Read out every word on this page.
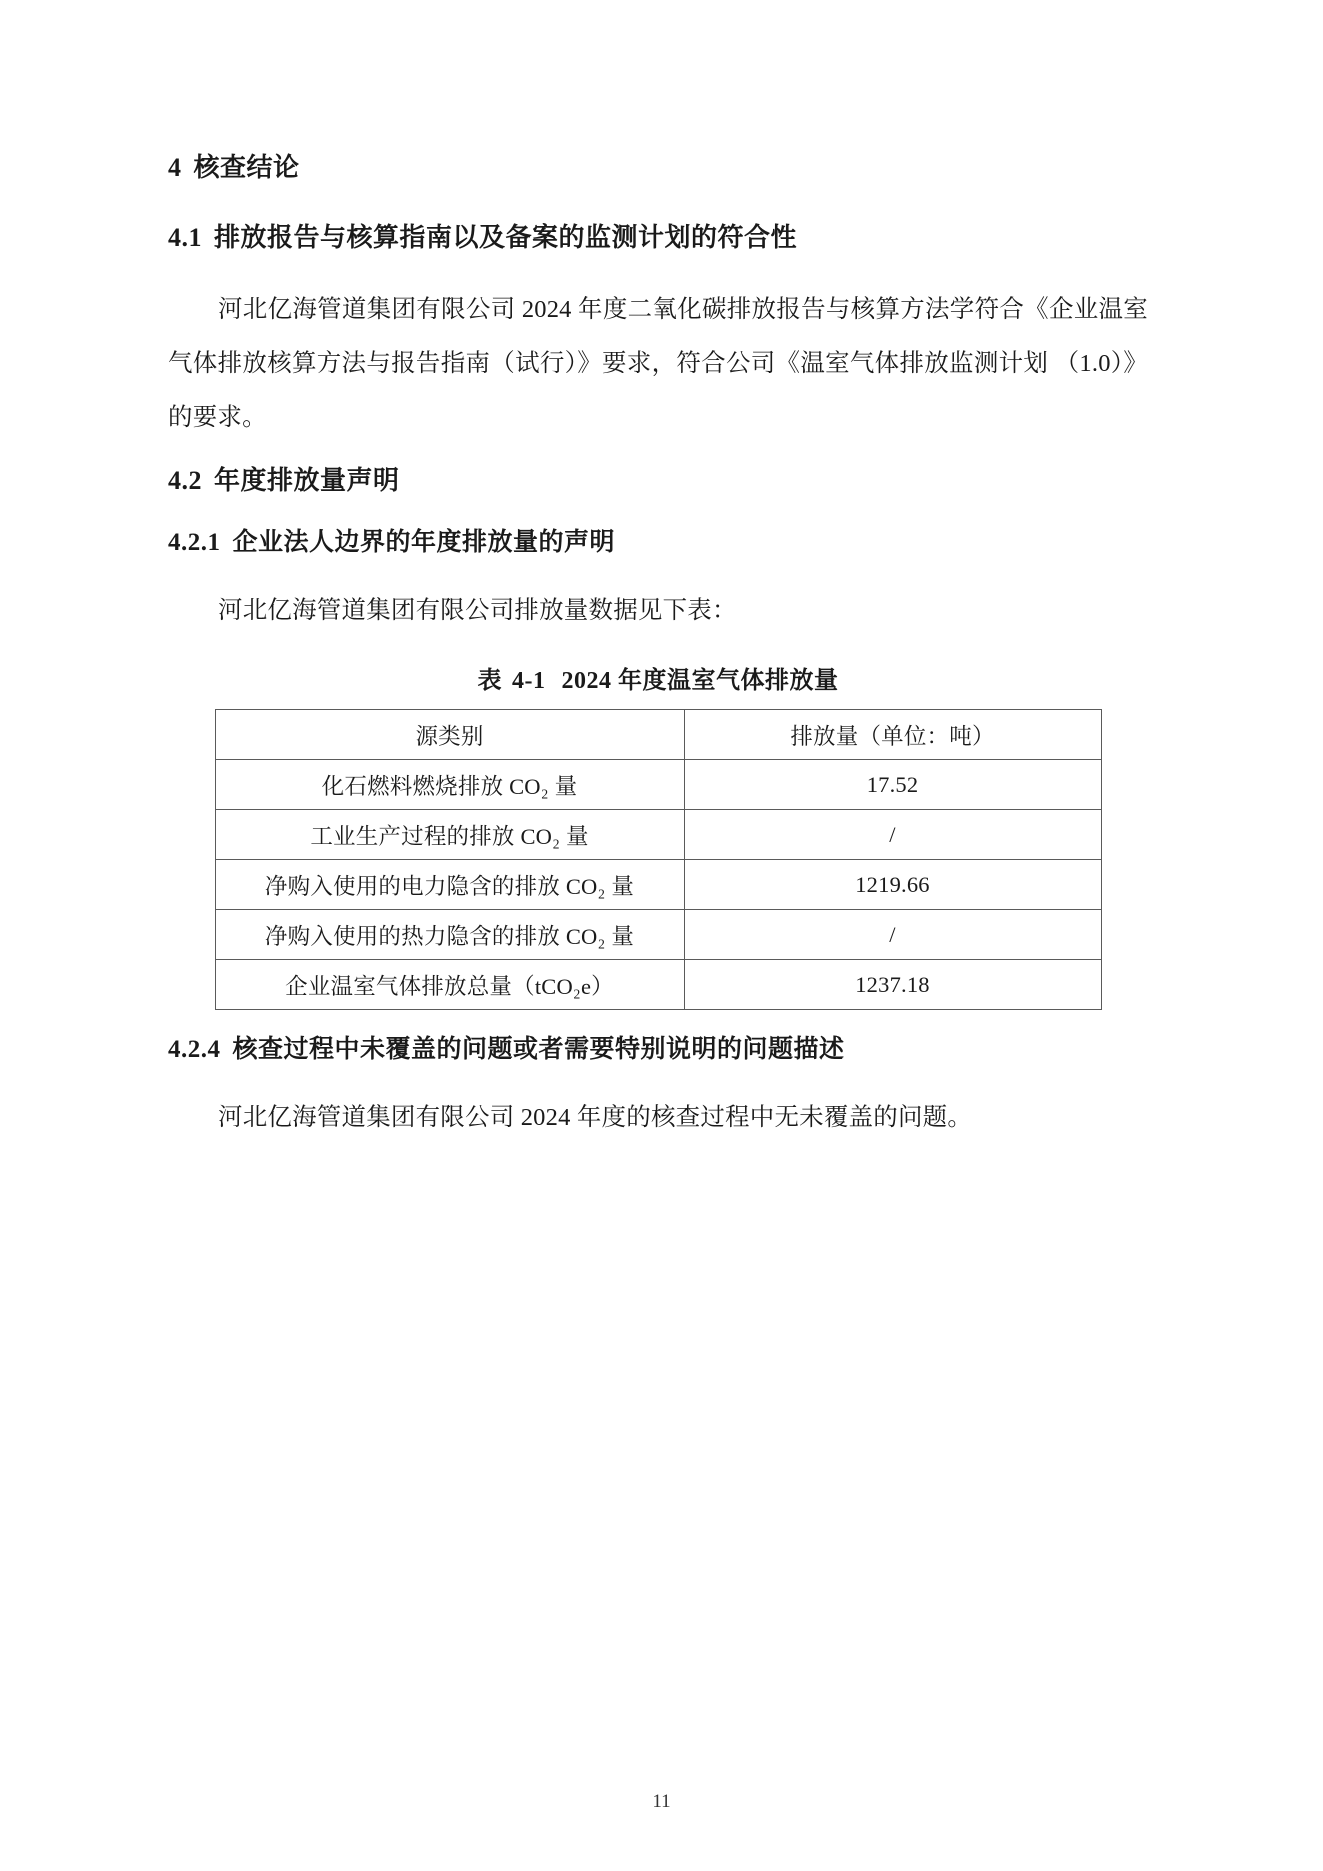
4 核查结论
4.1 排放报告与核算指南以及备案的监测计划的符合性

河北亿海管道集团有限公司 2024 年度二氧化碳排放报告与核算方法学符合《企业温室气体排放核算方法与报告指南（试行）》要求，符合公司《温室气体排放监测计划 （1.0）》的要求。

4.2 年度排放量声明
4.2.1 企业法人边界的年度排放量的声明

河北亿海管道集团有限公司排放量数据见下表：

表 4-1 2024 年度温室气体排放量
源类别	排放量（单位：吨）
化石燃料燃烧排放 CO₂ 量	17.52
工业生产过程的排放 CO₂ 量	/
净购入使用的电力隐含的排放 CO₂ 量	1219.66
净购入使用的热力隐含的排放 CO₂ 量	/
企业温室气体排放总量（tCO₂e）	1237.18
4.2.4 核查过程中未覆盖的问题或者需要特别说明的问题描述

河北亿海管道集团有限公司 2024 年度的核查过程中无未覆盖的问题。

11
